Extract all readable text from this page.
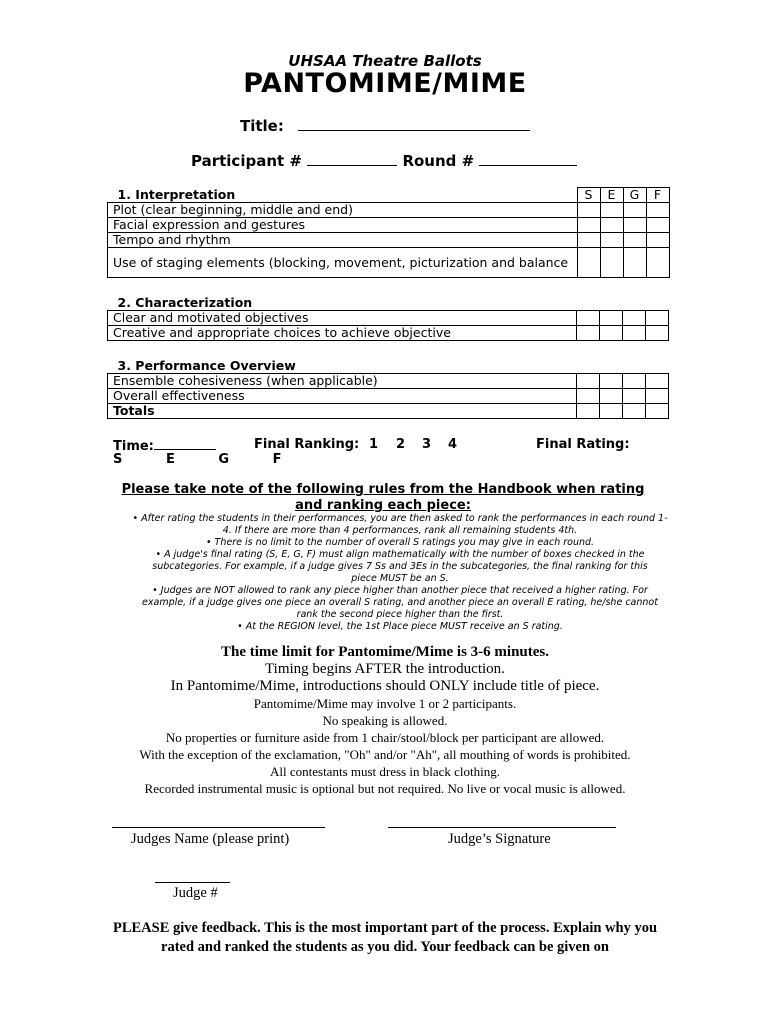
UHSAA Theatre Ballots
PANTOMIME/MIME
Title:
Participant #	Round #
1. Interpretation	S	E	G	F
Plot (clear beginning, middle and end)				
Facial expression and gestures				
Tempo and rhythm				
Use of staging elements (blocking, movement, picturization and balance				
2. Characterization				
Clear and motivated objectives				
Creative and appropriate choices to achieve objective				
3. Performance Overview				
Ensemble cohesiveness (when applicable)				
Overall effectiveness				
Totals				
Time:	Final Ranking: 1 2 3 4	Final Rating:
S   E   G   F
Please take note of the following rules from the Handbook when rating and ranking each piece:

• After rating the students in their performances, you are then asked to rank the performances in each round 1-4. If there are more than 4 performances, rank all remaining students 4th.

• There is no limit to the number of overall S ratings you may give in each round.

• A judge's final rating (S, E, G, F) must align mathematically with the number of boxes checked in the subcategories. For example, if a judge gives 7 Ss and 3Es in the subcategories, the final ranking for this piece MUST be an S.

• Judges are NOT allowed to rank any piece higher than another piece that received a higher rating. For example, if a judge gives one piece an overall S rating, and another piece an overall E rating, he/she cannot rank the second piece higher than the first.

• At the REGION level, the 1st Place piece MUST receive an S rating.

The time limit for Pantomime/Mime is 3-6 minutes.
Timing begins AFTER the introduction.
In Pantomime/Mime, introductions should ONLY include title of piece.
Pantomime/Mime may involve 1 or 2 participants.
No speaking is allowed.
No properties or furniture aside from 1 chair/stool/block per participant are allowed.
With the exception of the exclamation, "Oh" and/or "Ah", all mouthing of words is prohibited.
All contestants must dress in black clothing.
Recorded instrumental music is optional but not required. No live or vocal music is allowed.
Judges Name (please print)	Judge’s Signature
Judge #
PLEASE give feedback. This is the most important part of the process. Explain why you rated and ranked the students as you did. Your feedback can be given on
